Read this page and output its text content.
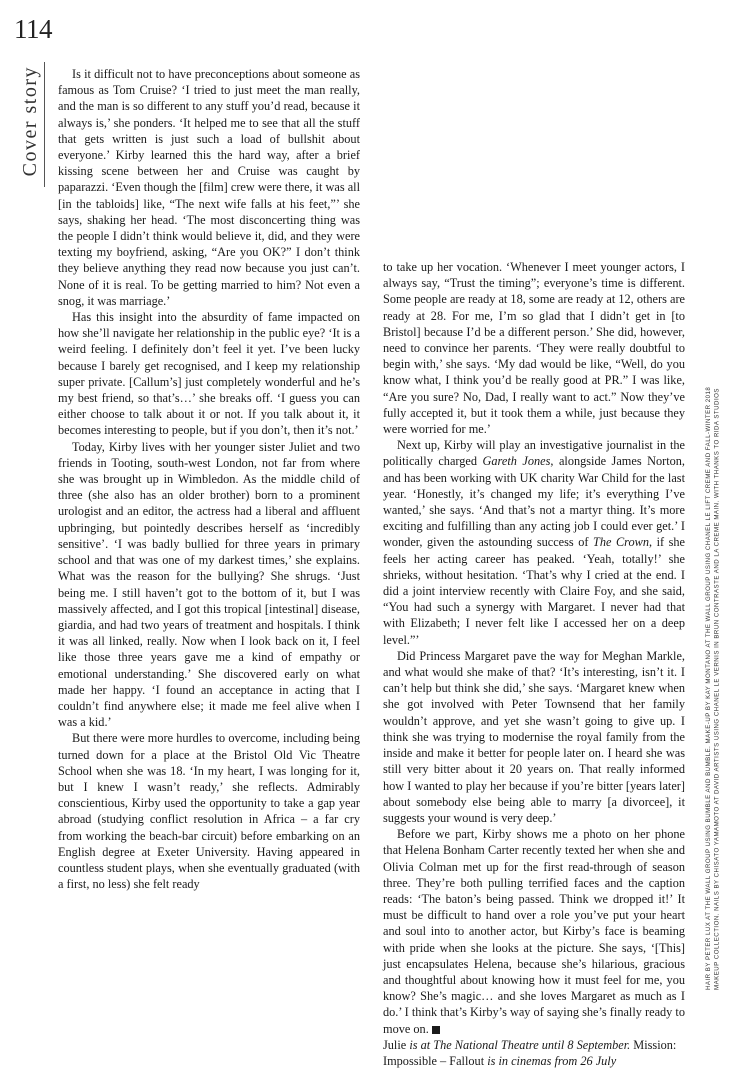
114
Cover story	Is it difficult not to have preconceptions about someone as famous as Tom Cruise? ‘I tried to just meet the man really, and the man is so different to any stuff you’d read, because it always is,’ she ponders. ‘It helped me to see that all the stuff that gets written is just such a load of bullshit about everyone.’ Kirby learned this the hard way, after a brief kissing scene between her and Cruise was caught by paparazzi. ‘Even though the [film] crew were there, it was all [in the tabloids] like, “The next wife falls at his feet,”’ she says, shaking her head. ‘The most disconcerting thing was the people I didn’t think would believe it, did, and they were texting my boyfriend, asking, “Are you OK?” I don’t think they believe anything they read now because you just can’t. None of it is real. To be getting married to him? Not even a snog, it was marriage.’

Has this insight into the absurdity of fame impacted on how she’ll navigate her relationship in the public eye? ‘It is a weird feeling. I definitely don’t feel it yet. I’ve been lucky because I barely get recognised, and I keep my relationship super private. [Callum’s] just completely wonderful and he’s my best friend, so that’s…’ she breaks off. ‘I guess you can either choose to talk about it or not. If you talk about it, it becomes interesting to people, but if you don’t, then it’s not.’

Today, Kirby lives with her younger sister Juliet and two friends in Tooting, south-west London, not far from where she was brought up in Wimbledon. As the middle child of three (she also has an older brother) born to a prominent urologist and an editor, the actress had a liberal and affluent upbringing, but pointedly describes herself as ‘incredibly sensitive’. ‘I was badly bullied for three years in primary school and that was one of my darkest times,’ she explains. What was the reason for the bullying? She shrugs. ‘Just being me. I still haven’t got to the bottom of it, but I was massively affected, and I got this tropical [intestinal] disease, giardia, and had two years of treatment and hospitals. I think it was all linked, really. Now when I look back on it, I feel like those three years gave me a kind of empathy or emotional understanding.’ She discovered early on what made her happy. ‘I found an acceptance in acting that I couldn’t find anywhere else; it made me feel alive when I was a kid.’

But there were more hurdles to overcome, including being turned down for a place at the Bristol Old Vic Theatre School when she was 18. ‘In my heart, I was longing for it, but I knew I wasn’t ready,’ she reflects. Admirably conscientious, Kirby used the opportunity to take a gap year abroad (studying conflict resolution in Africa – a far cry from working the beach-bar circuit) before embarking on an English degree at Exeter University. Having appeared in countless student plays, when she eventually graduated (with a first, no less) she felt ready

to take up her vocation. ‘Whenever I meet younger actors, I always say, “Trust the timing”; everyone’s time is different. Some people are ready at 18, some are ready at 12, others are ready at 28. For me, I’m so glad that I didn’t get in [to Bristol] because I’d be a different person.’ She did, however, need to convince her parents. ‘They were really doubtful to begin with,’ she says. ‘My dad would be like, “Well, do you know what, I think you’d be really good at PR.” I was like, “Are you sure? No, Dad, I really want to act.” Now they’ve fully accepted it, but it took them a while, just because they were worried for me.’

Next up, Kirby will play an investigative journalist in the politically charged Gareth Jones, alongside James Norton, and has been working with UK charity War Child for the last year. ‘Honestly, it’s changed my life; it’s everything I’ve wanted,’ she says. ‘And that’s not a martyr thing. It’s more exciting and fulfilling than any acting job I could ever get.’ I wonder, given the astounding success of The Crown, if she feels her acting career has peaked. ‘Yeah, totally!’ she shrieks, without hesitation. ‘That’s why I cried at the end. I did a joint interview recently with Claire Foy, and she said, “You had such a synergy with Margaret. I never had that with Elizabeth; I never felt like I accessed her on a deep level.”’

Did Princess Margaret pave the way for Meghan Markle, and what would she make of that? ‘It’s interesting, isn’t it. I can’t help but think she did,’ she says. ‘Margaret knew when she got involved with Peter Townsend that her family wouldn’t approve, and yet she wasn’t going to give up. I think she was trying to modernise the royal family from the inside and make it better for people later on. I heard she was still very bitter about it 20 years on. That really informed how I wanted to play her because if you’re bitter [years later] about somebody else being able to marry [a divorcee], it suggests your wound is very deep.’

Before we part, Kirby shows me a photo on her phone that Helena Bonham Carter recently texted her when she and Olivia Colman met up for the first read-through of season three. They’re both pulling terrified faces and the caption reads: ‘The baton’s being passed. Think we dropped it!’ It must be difficult to hand over a role you’ve put your heart and soul into to another actor, but Kirby’s face is beaming with pride when she looks at the picture. She says, ‘[This] just encapsulates Helena, because she’s hilarious, gracious and thoughtful about knowing how it must feel for me, you know? She’s magic… and she loves Margaret as much as I do.’ I think that’s Kirby’s way of saying she’s finally ready to move on.

Julie is at The National Theatre until 8 September. Mission: Impossible – Fallout is in cinemas from 26 July

HAIR BY PETER LUX AT THE WALL GROUP USING BUMBLE AND BUMBLE. MAKE-UP BY KAY MONTANO AT THE WALL GROUP USING CHANEL LE LIFT CREME AND FALL-WINTER 2018 MAKEUP COLLECTION. NAILS BY CHISATO YAMAMOTO AT DAVID ARTISTS USING CHANEL LE VERNIS IN BRUN CONTRASTE AND LA CREME MAIN. WITH THANKS TO RIDA STUDIOS
